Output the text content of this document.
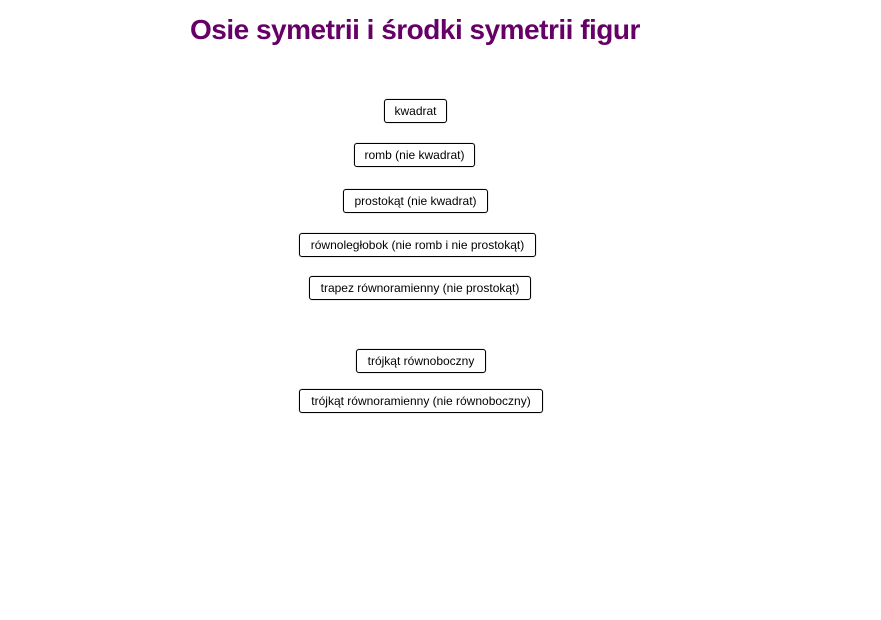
Osie symetrii i środki symetrii figur
kwadrat
romb (nie kwadrat)
prostokąt (nie kwadrat)
równoległobok (nie romb i nie prostokąt)
trapez równoramienny (nie prostokąt)
trójkąt równoboczny
trójkąt równoramienny (nie równoboczny)
